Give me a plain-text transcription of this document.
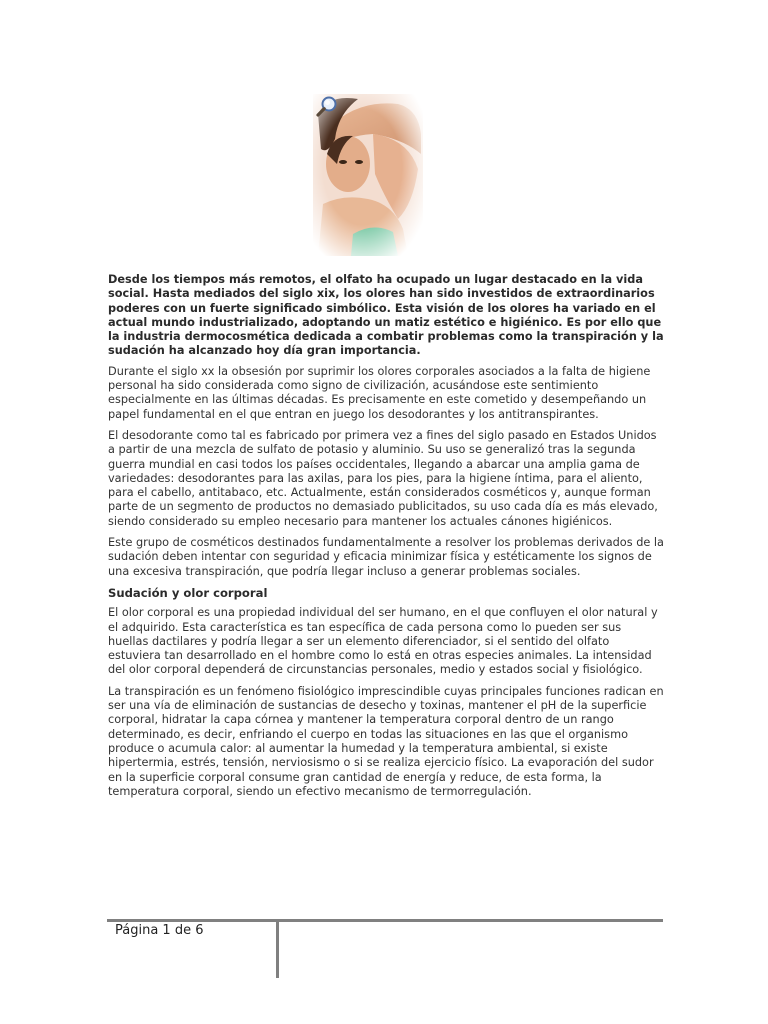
Desde los tiempos más remotos, el olfato ha ocupado un lugar destacado en la vida social. Hasta mediados del siglo xix, los olores han sido investidos de extraordinarios poderes con un fuerte significado simbólico. Esta visión de los olores ha variado en el actual mundo industrializado, adoptando un matiz estético e higiénico. Es por ello que la industria dermocosmética dedicada a combatir problemas como la transpiración y la sudación ha alcanzado hoy día gran importancia.

Durante el siglo xx la obsesión por suprimir los olores corporales asociados a la falta de higiene personal ha sido considerada como signo de civilización, acusándose este sentimiento especialmente en las últimas décadas. Es precisamente en este cometido y desempeñando un papel fundamental en el que entran en juego los desodorantes y los antitranspirantes.

El desodorante como tal es fabricado por primera vez a fines del siglo pasado en Estados Unidos a partir de una mezcla de sulfato de potasio y aluminio. Su uso se generalizó tras la segunda guerra mundial en casi todos los países occidentales, llegando a abarcar una amplia gama de variedades: desodorantes para las axilas, para los pies, para la higiene íntima, para el aliento, para el cabello, antitabaco, etc. Actualmente, están considerados cosméticos y, aunque forman parte de un segmento de productos no demasiado publicitados, su uso cada día es más elevado, siendo considerado su empleo necesario para mantener los actuales cánones higiénicos.

Este grupo de cosméticos destinados fundamentalmente a resolver los problemas derivados de la sudación deben intentar con seguridad y eficacia minimizar física y estéticamente los signos de una excesiva transpiración, que podría llegar incluso a generar problemas sociales.

Sudación y olor corporal

El olor corporal es una propiedad individual del ser humano, en el que confluyen el olor natural y el adquirido. Esta característica es tan específica de cada persona como lo pueden ser sus huellas dactilares y podría llegar a ser un elemento diferenciador, si el sentido del olfato estuviera tan desarrollado en el hombre como lo está en otras especies animales. La intensidad del olor corporal dependerá de circunstancias personales, medio y estados social y fisiológico.

La transpiración es un fenómeno fisiológico imprescindible cuyas principales funciones radican en ser una vía de eliminación de sustancias de desecho y toxinas, mantener el pH de la superficie corporal, hidratar la capa córnea y mantener la temperatura corporal dentro de un rango determinado, es decir, enfriando el cuerpo en todas las situaciones en las que el organismo produce o acumula calor: al aumentar la humedad y la temperatura ambiental, si existe hipertermia, estrés, tensión, nerviosismo o si se realiza ejercicio físico. La evaporación del sudor en la superficie corporal consume gran cantidad de energía y reduce, de esta forma, la temperatura corporal, siendo un efectivo mecanismo de termorregulación.

Página 1 de 6
